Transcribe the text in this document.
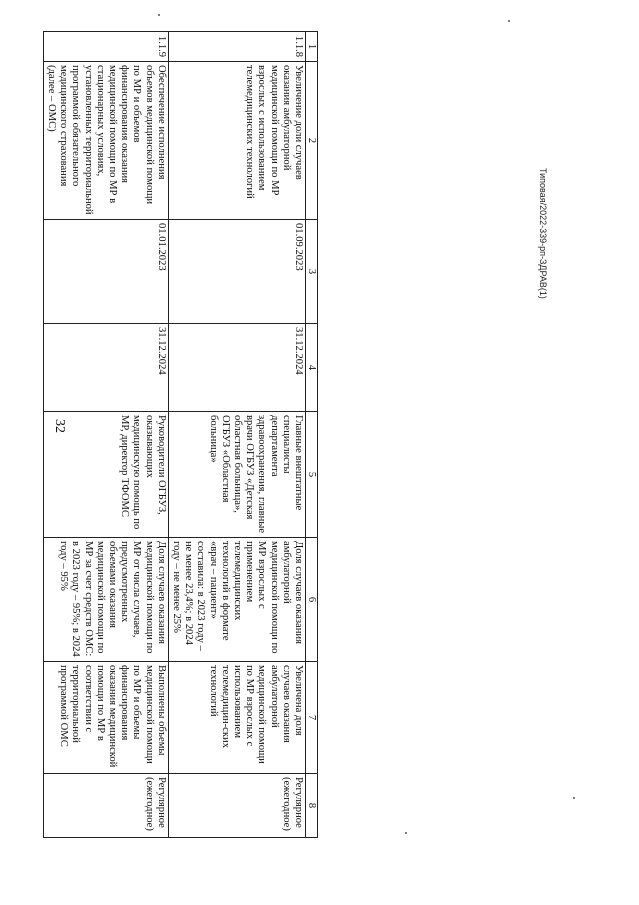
32
Типовая/2022-339-рп-ЗДРАВ(1)
1	2	3	4	5	6	7	8
1.1.8	Увеличение доли случаев оказания амбулаторной медицинской помощи по МР взрослых с использованием телемедицинских технологий	01.09.2023	31.12.2024	Главные внештатные специалисты департамента здравоохранения, главные врачи ОГБУЗ «Детская областная больница», ОГБУЗ «Областная больница»	Доля случаев оказания амбулаторной медицинской помощи по МР взрослых с применением телемедицинских технологий в формате «врач – пациент» составила: в 2023 году – не менее 23,4%; в 2024 году – не менее 25%	Увеличена доля случаев оказания амбулаторной медицинской помощи по МР взрослых с использованием телемедицин-ских технологий	Регулярное (ежегодное)
1.1.9	Обеспечение исполнения объемов медицинской помощи по МР и объемов финансирования оказания медицинской помощи по МР в стационарных условиях, установленных территориальной программой обязательного медицинского страхования (далее – ОМС)	01.01.2023	31.12.2024	Руководители ОГБУЗ, оказывающих медицинскую помощь по МР, директор ТФОМС	Доля случаев оказания медицинской помощи по МР от числа случаев, предусмотренных объемами оказания медицинской помощи по МР за счет средств ОМС: в 2023 году – 95%; в 2024 году – 95%	Выполнены объемы медицинской помощи по МР и объемы финансирования оказания медицинской помощи по МР в соответствии с территориальной программой ОМС	Регулярное (ежегодное)
